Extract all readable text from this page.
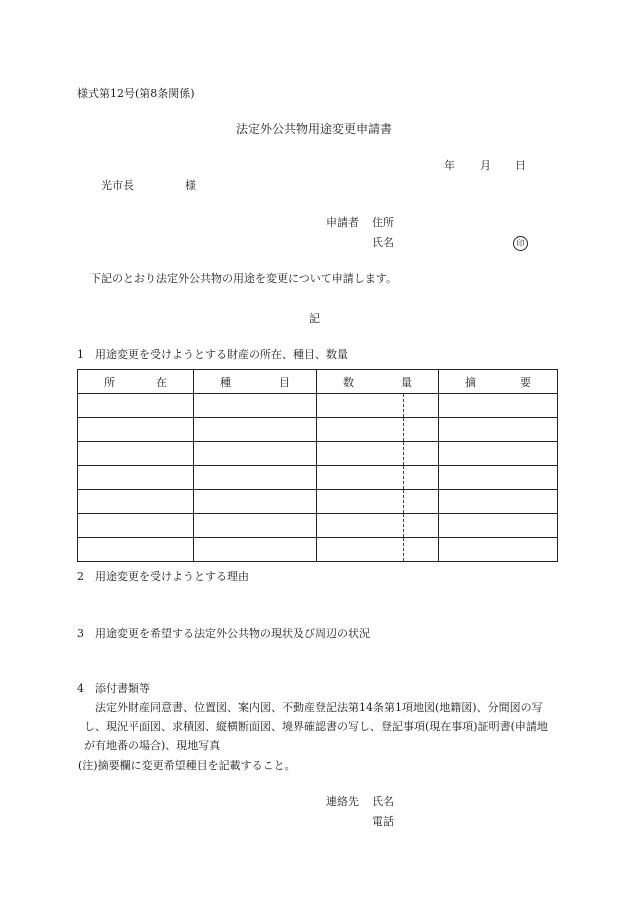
様式第12号(第8条関係)
法定外公共物用途変更申請書
年 月 日
光市長	様
申請者 住所
氏名	印
下記のとおり法定外公共物の用途を変更について申請します。
記
1　用途変更を受けようとする財産の所在、種目、数量
所 在	種 目	数 量	摘 要

2　用途変更を受けようとする理由
3　用途変更を希望する法定外公共物の現状及び周辺の状況
4　添付書類等
法定外財産同意書、位置図、案内図、不動産登記法第14条第1項地図(地籍図)、分間図の写し、現況平面図、求積図、縦横断面図、境界確認書の写し、登記事項(現在事項)証明書(申請地が有地番の場合)、現地写真
(注)摘要欄に変更希望種目を記載すること。
連絡先 氏名
電話
